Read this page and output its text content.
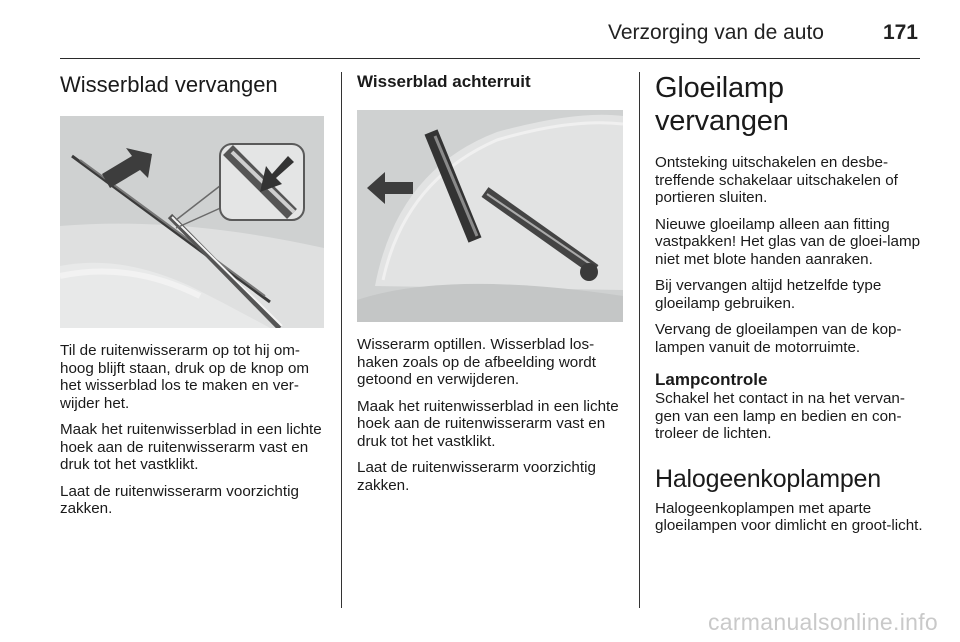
Verzorging van de auto	171
Wisserblad vervangen

Til de ruitenwisserarm op tot hij om-hoog blijft staan, druk op de knop om het wisserblad los te maken en ver-wijder het.

Maak het ruitenwisserblad in een lichte hoek aan de ruitenwisserarm vast en druk tot het vastklikt.

Laat de ruitenwisserarm voorzichtig zakken.

Wisserblad achterruit

Wisserarm optillen. Wisserblad los-haken zoals op de afbeelding wordt getoond en verwijderen.

Maak het ruitenwisserblad in een lichte hoek aan de ruitenwisserarm vast en druk tot het vastklikt.

Laat de ruitenwisserarm voorzichtig zakken.

Gloeilamp vervangen

Ontsteking uitschakelen en desbe-treffende schakelaar uitschakelen of portieren sluiten.

Nieuwe gloeilamp alleen aan fitting vastpakken! Het glas van de gloei-lamp niet met blote handen aanraken.

Bij vervangen altijd hetzelfde type gloeilamp gebruiken.

Vervang de gloeilampen van de kop-lampen vanuit de motorruimte.

Lampcontrole

Schakel het contact in na het vervan-gen van een lamp en bedien en con-troleer de lichten.

Halogeenkoplampen

Halogeenkoplampen met aparte gloeilampen voor dimlicht en groot-licht.

carmanualsonline.info
